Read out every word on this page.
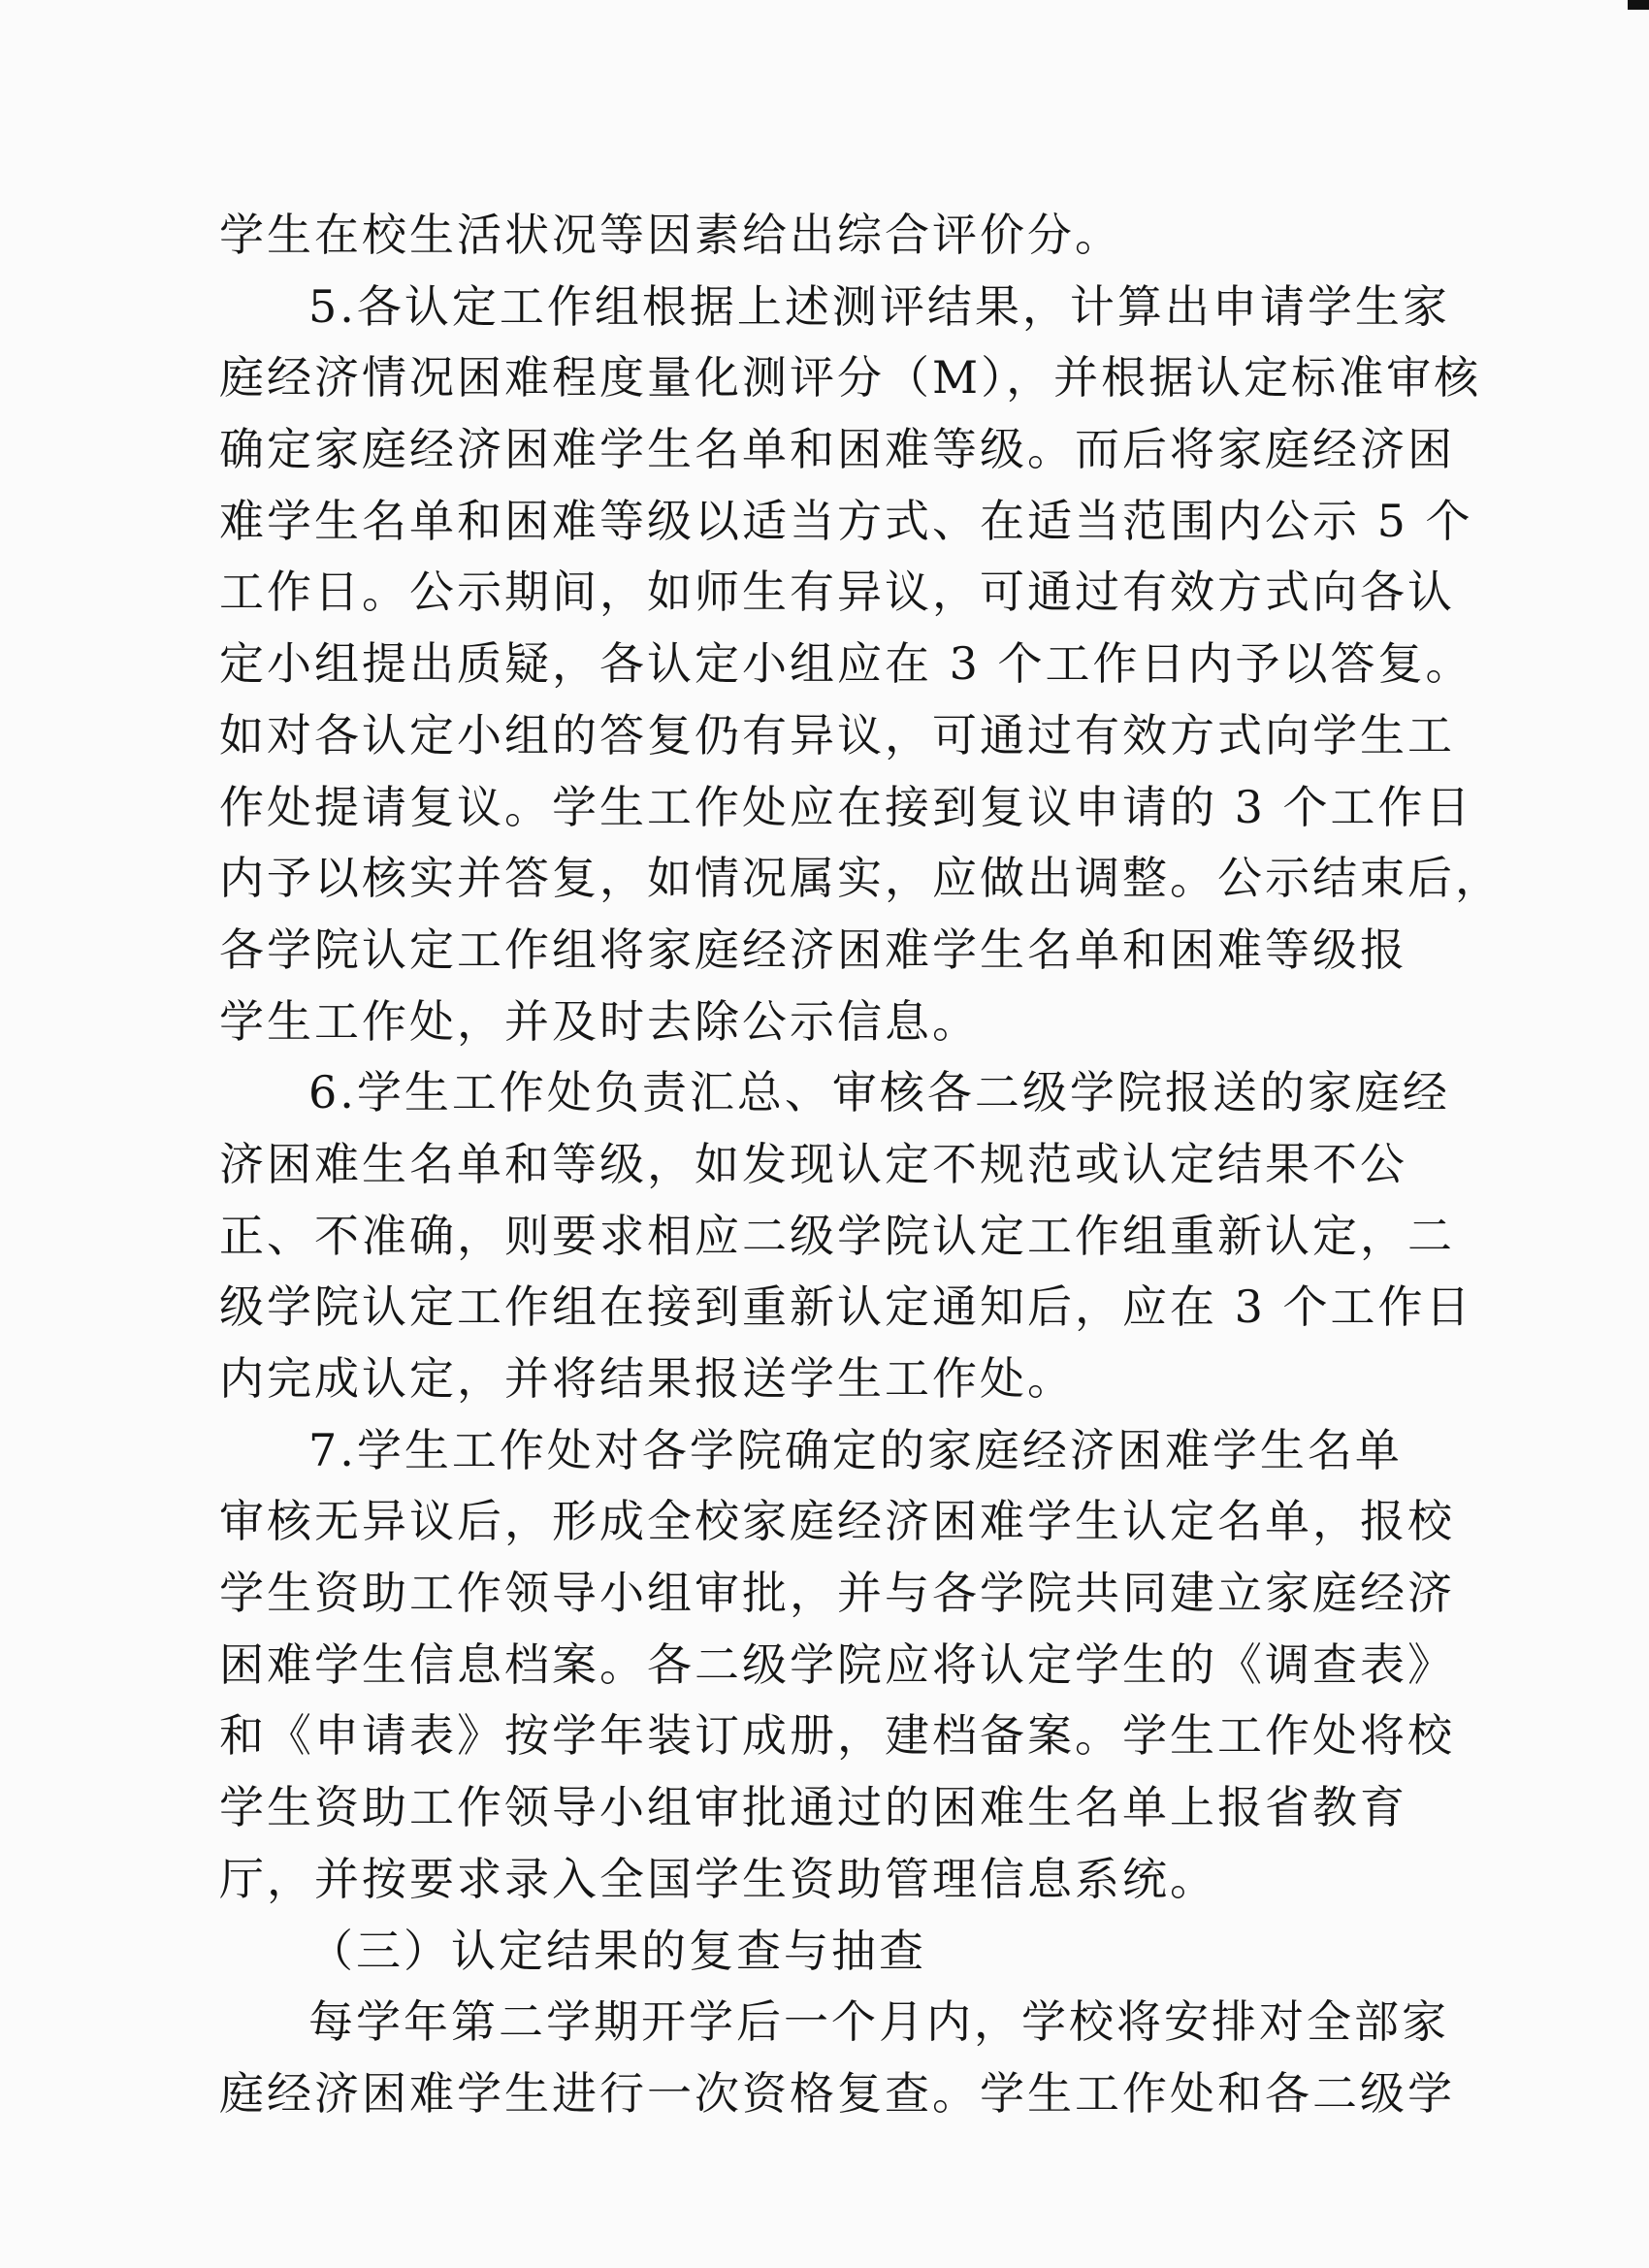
学生在校生活状况等因素给出综合评价分。
5.各认定工作组根据上述测评结果，计算出申请学生家
庭经济情况困难程度量化测评分（M），并根据认定标准审核
确定家庭经济困难学生名单和困难等级。而后将家庭经济困
难学生名单和困难等级以适当方式、在适当范围内公示 5 个
工作日。公示期间，如师生有异议，可通过有效方式向各认
定小组提出质疑，各认定小组应在 3 个工作日内予以答复。
如对各认定小组的答复仍有异议，可通过有效方式向学生工
作处提请复议。学生工作处应在接到复议申请的 3 个工作日
内予以核实并答复，如情况属实，应做出调整。公示结束后，
各学院认定工作组将家庭经济困难学生名单和困难等级报
学生工作处，并及时去除公示信息。
6.学生工作处负责汇总、审核各二级学院报送的家庭经
济困难生名单和等级，如发现认定不规范或认定结果不公
正、不准确，则要求相应二级学院认定工作组重新认定，二
级学院认定工作组在接到重新认定通知后，应在 3 个工作日
内完成认定，并将结果报送学生工作处。
7.学生工作处对各学院确定的家庭经济困难学生名单
审核无异议后，形成全校家庭经济困难学生认定名单，报校
学生资助工作领导小组审批，并与各学院共同建立家庭经济
困难学生信息档案。各二级学院应将认定学生的《调查表》
和《申请表》按学年装订成册，建档备案。学生工作处将校
学生资助工作领导小组审批通过的困难生名单上报省教育
厅，并按要求录入全国学生资助管理信息系统。
（三）认定结果的复查与抽查
每学年第二学期开学后一个月内，学校将安排对全部家
庭经济困难学生进行一次资格复查。学生工作处和各二级学
